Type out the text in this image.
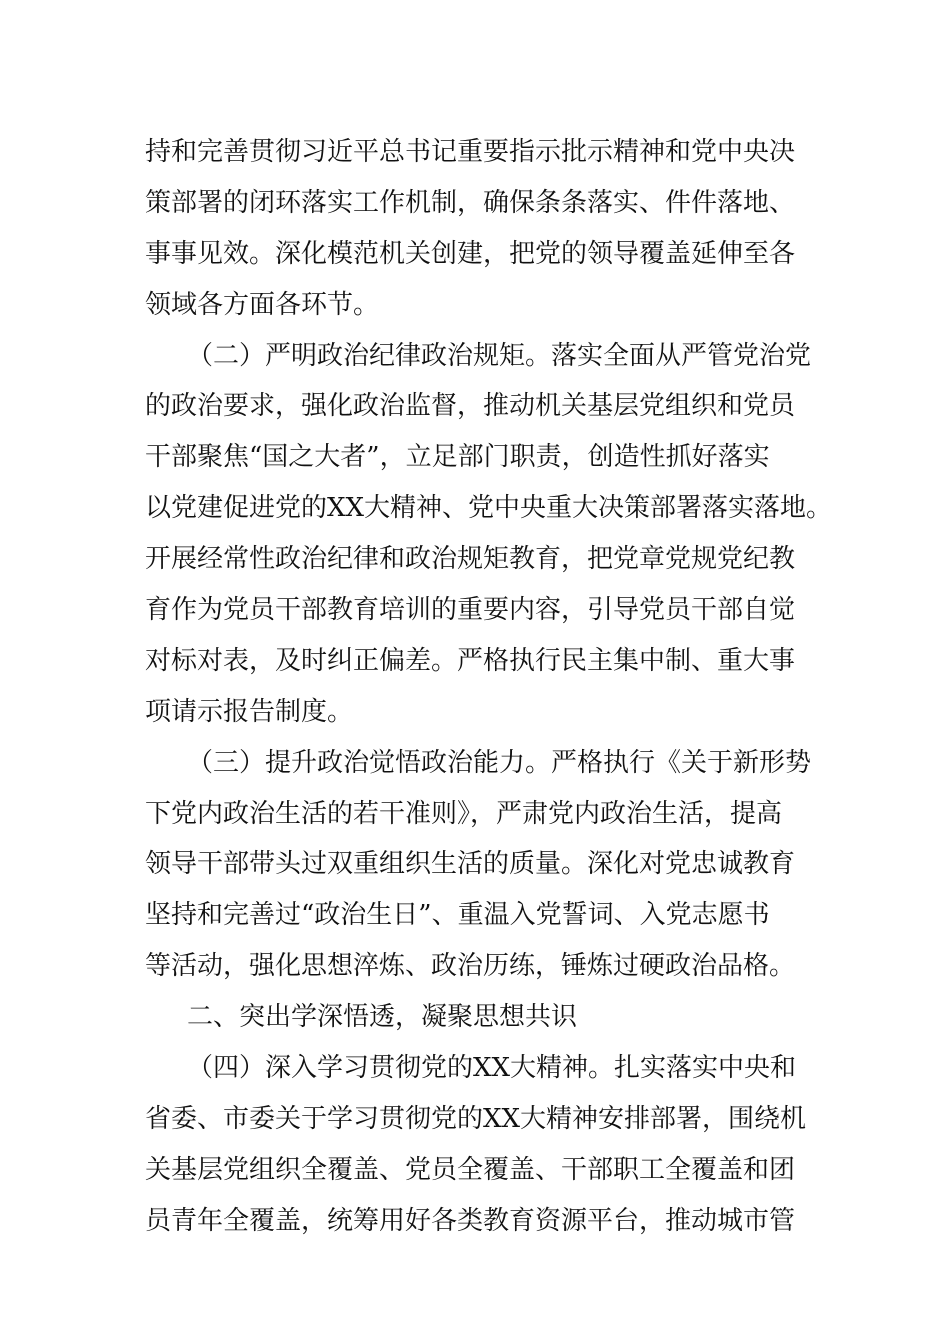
持和完善贯彻习近平总书记重要指示批示精神和党中央决
策部署的闭环落实工作机制，确保条条落实、件件落地、
事事见效。深化模范机关创建，把党的领导覆盖延伸至各
领域各方面各环节。
（二）严明政治纪律政治规矩。落实全面从严管党治党
的政治要求，强化政治监督，推动机关基层党组织和党员
干部聚焦“国之大者”，立足部门职责，创造性抓好落实
以党建促进党的XX大精神、党中央重大决策部署落实落地。
开展经常性政治纪律和政治规矩教育，把党章党规党纪教
育作为党员干部教育培训的重要内容，引导党员干部自觉
对标对表，及时纠正偏差。严格执行民主集中制、重大事
项请示报告制度。
（三）提升政治觉悟政治能力。严格执行《关于新形势
下党内政治生活的若干准则》，严肃党内政治生活，提高
领导干部带头过双重组织生活的质量。深化对党忠诚教育
坚持和完善过“政治生日”、重温入党誓词、入党志愿书
等活动，强化思想淬炼、政治历练，锤炼过硬政治品格。
二、突出学深悟透，凝聚思想共识
（四）深入学习贯彻党的XX大精神。扎实落实中央和
省委、市委关于学习贯彻党的XX大精神安排部署，围绕机
关基层党组织全覆盖、党员全覆盖、干部职工全覆盖和团
员青年全覆盖，统筹用好各类教育资源平台，推动城市管
